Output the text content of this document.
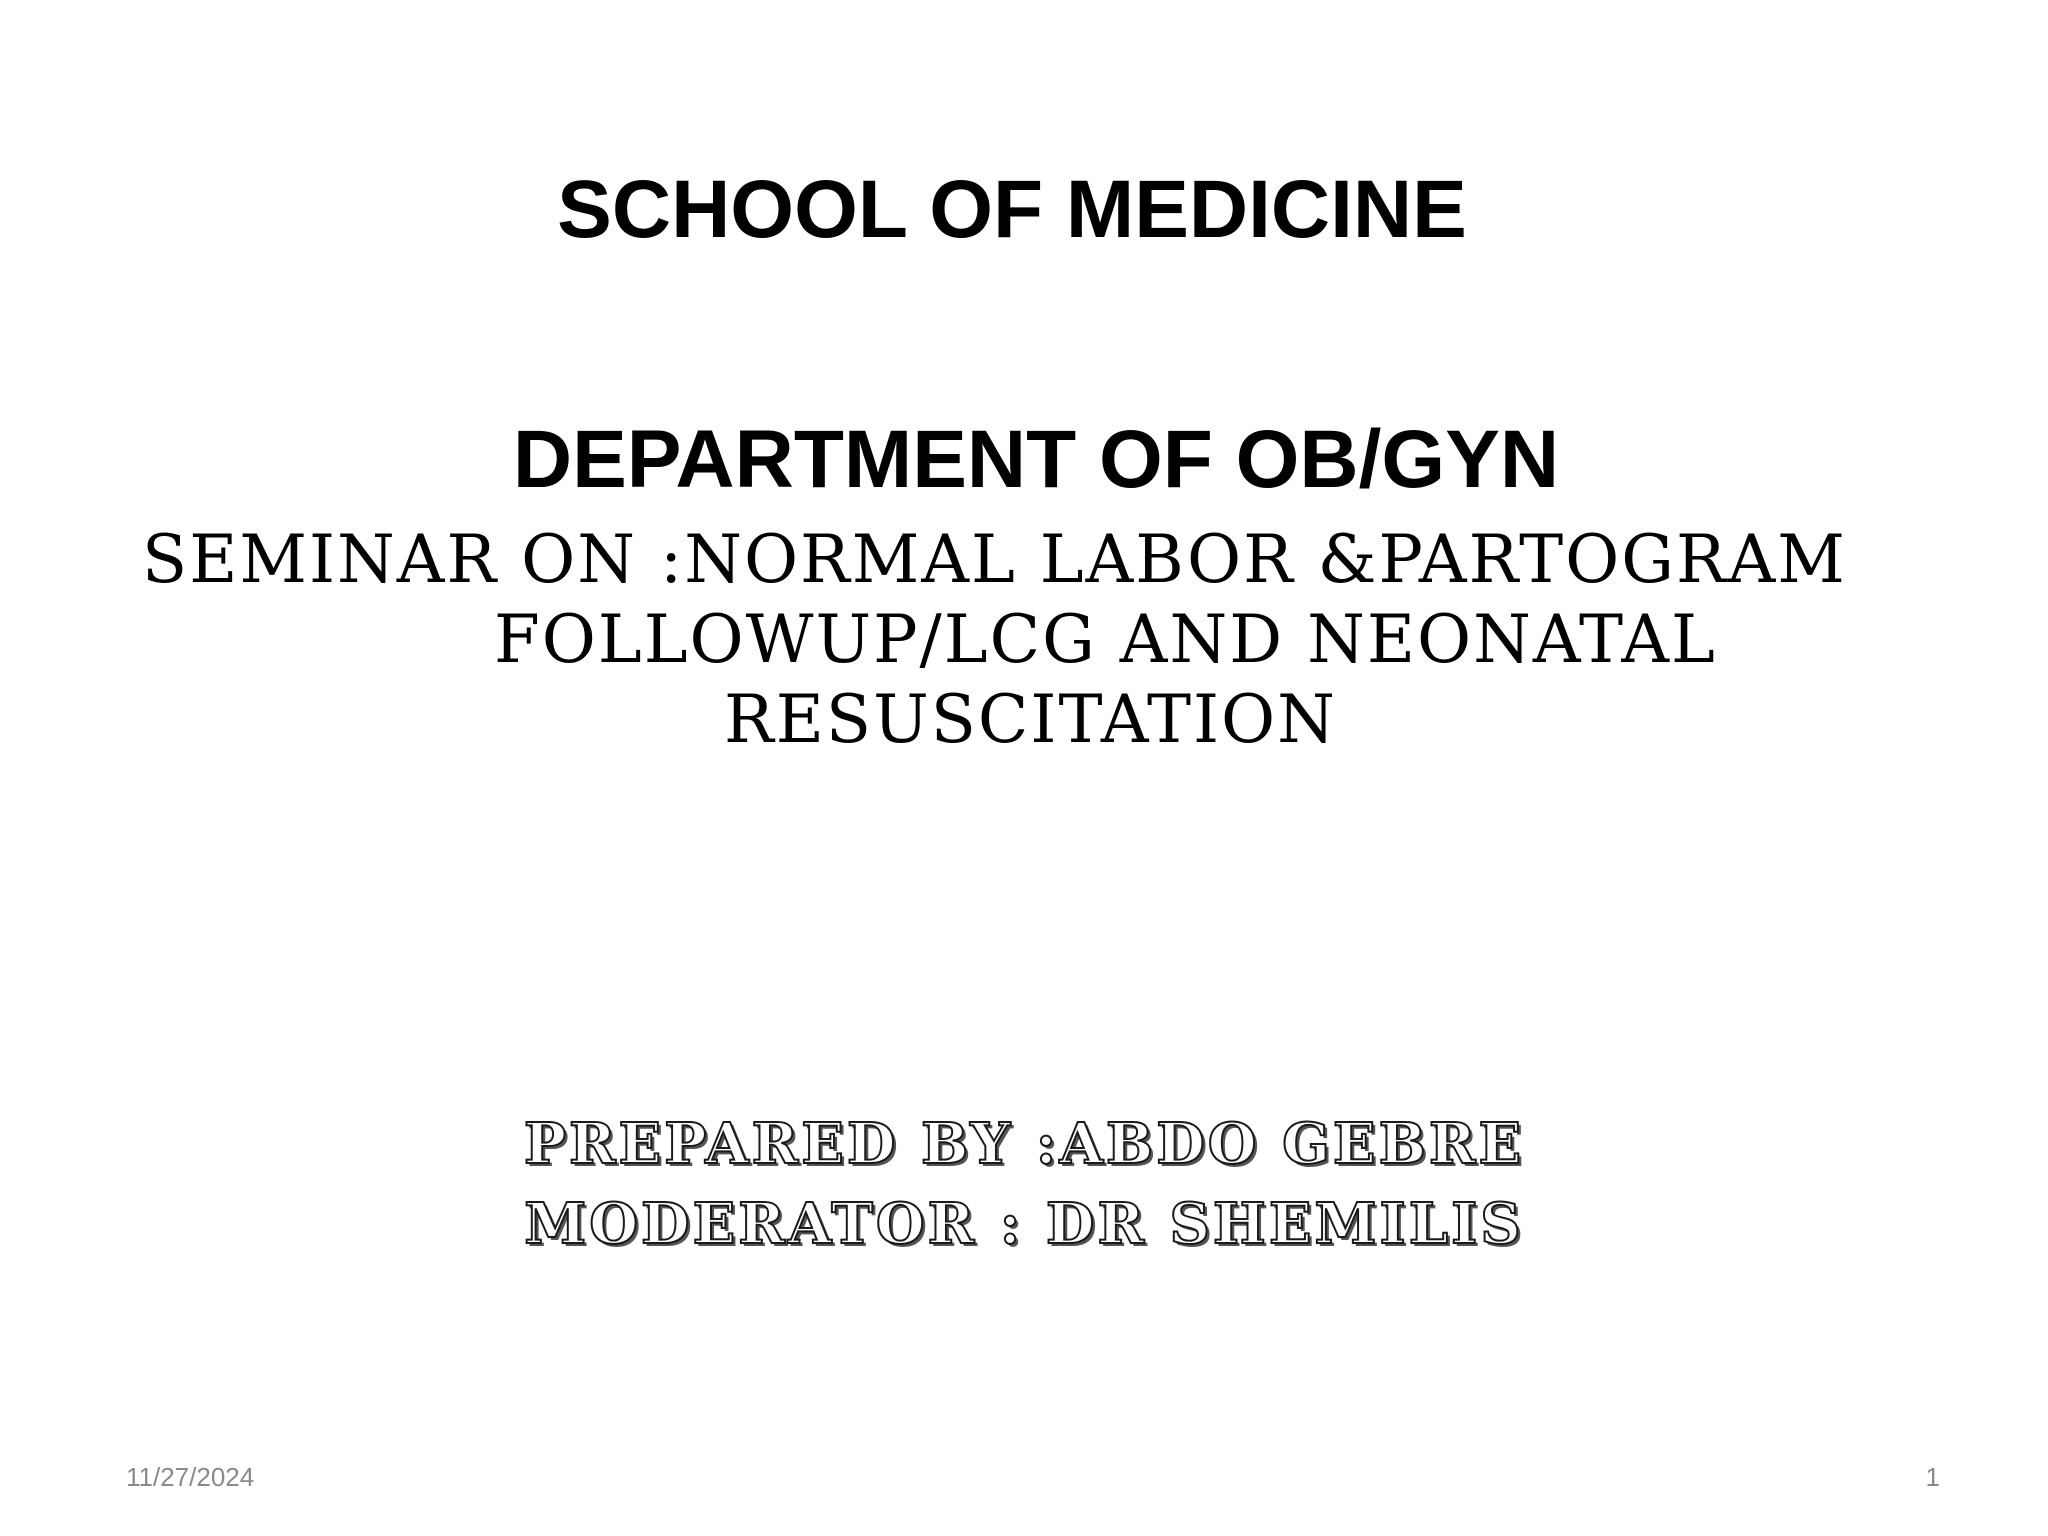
SCHOOL OF MEDICINE
DEPARTMENT OF OB/GYN
SEMINAR ON :NORMAL LABOR &PARTOGRAM
FOLLOWUP/LCG AND NEONATAL
RESUSCITATION
PREPARED BY :ABDO GEBRE
MODERATOR : DR SHEMILIS
11/27/2024	1
